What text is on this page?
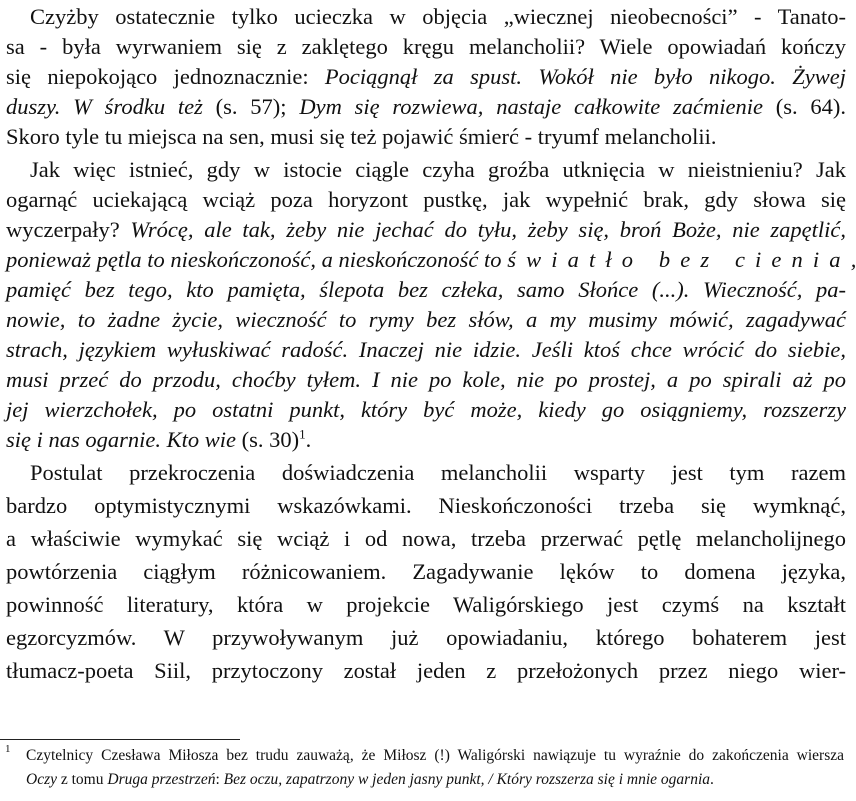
Czyżby ostatecznie tylko ucieczka w objęcia „wiecznej nieobecności” - Tanato-
sa - była wyrwaniem się z zaklętego kręgu melancholii? Wiele opowiadań kończy
się niepokojąco jednoznacznie: Pociągnął za spust. Wokół nie było nikogo. Żywej
duszy. W środku też (s. 57); Dym się rozwiewa, nastaje całkowite zaćmienie (s. 64).
Skoro tyle tu miejsca na sen, musi się też pojawić śmierć - tryumf melancholii.
Jak więc istnieć, gdy w istocie ciągle czyha groźba utknięcia w nieistnieniu? Jak
ogarnąć uciekającą wciąż poza horyzont pustkę, jak wypełnić brak, gdy słowa się
wyczerpały? Wrócę, ale tak, żeby nie jechać do tyłu, żeby się, broń Boże, nie zapętlić,
ponieważ pętla to nieskończoność, a nieskończoność to światło bez cienia,
pamięć bez tego, kto pamięta, ślepota bez człeka, samo Słońce (...). Wieczność, pa-
nowie, to żadne życie, wieczność to rymy bez słów, a my musimy mówić, zagadywać
strach, językiem wyłuskiwać radość. Inaczej nie idzie. Jeśli ktoś chce wrócić do siebie,
musi przeć do przodu, choćby tyłem. I nie po kole, nie po prostej, a po spirali aż po
jej wierzchołek, po ostatni punkt, który być może, kiedy go osiągniemy, rozszerzy
się i nas ogarnie. Kto wie (s. 30)$^1$.
Postulat przekroczenia doświadczenia melancholii wsparty jest tym razem
bardzo optymistycznymi wskazówkami. Nieskończoności trzeba się wymknąć,
a właściwie wymykać się wciąż i od nowa, trzeba przerwać pętlę melancholijnego
powtórzenia ciągłym różnicowaniem. Zagadywanie lęków to domena języka,
powinność literatury, która w projekcie Waligórskiego jest czymś na kształt
egzorcyzmów. W przywoływanym już opowiadaniu, którego bohaterem jest
tłumacz-poeta Siil, przytoczony został jeden z przełożonych przez niego wier-
1 Czytelnicy Czesława Miłosza bez trudu zauważą, że Miłosz (!) Waligórski nawiązuje tu wyraźnie do zakończenia wiersza
Oczy z tomu Druga przestrzeń: Bez oczu, zapatrzony w jeden jasny punkt, / Który rozszerza się i mnie ogarnia.
